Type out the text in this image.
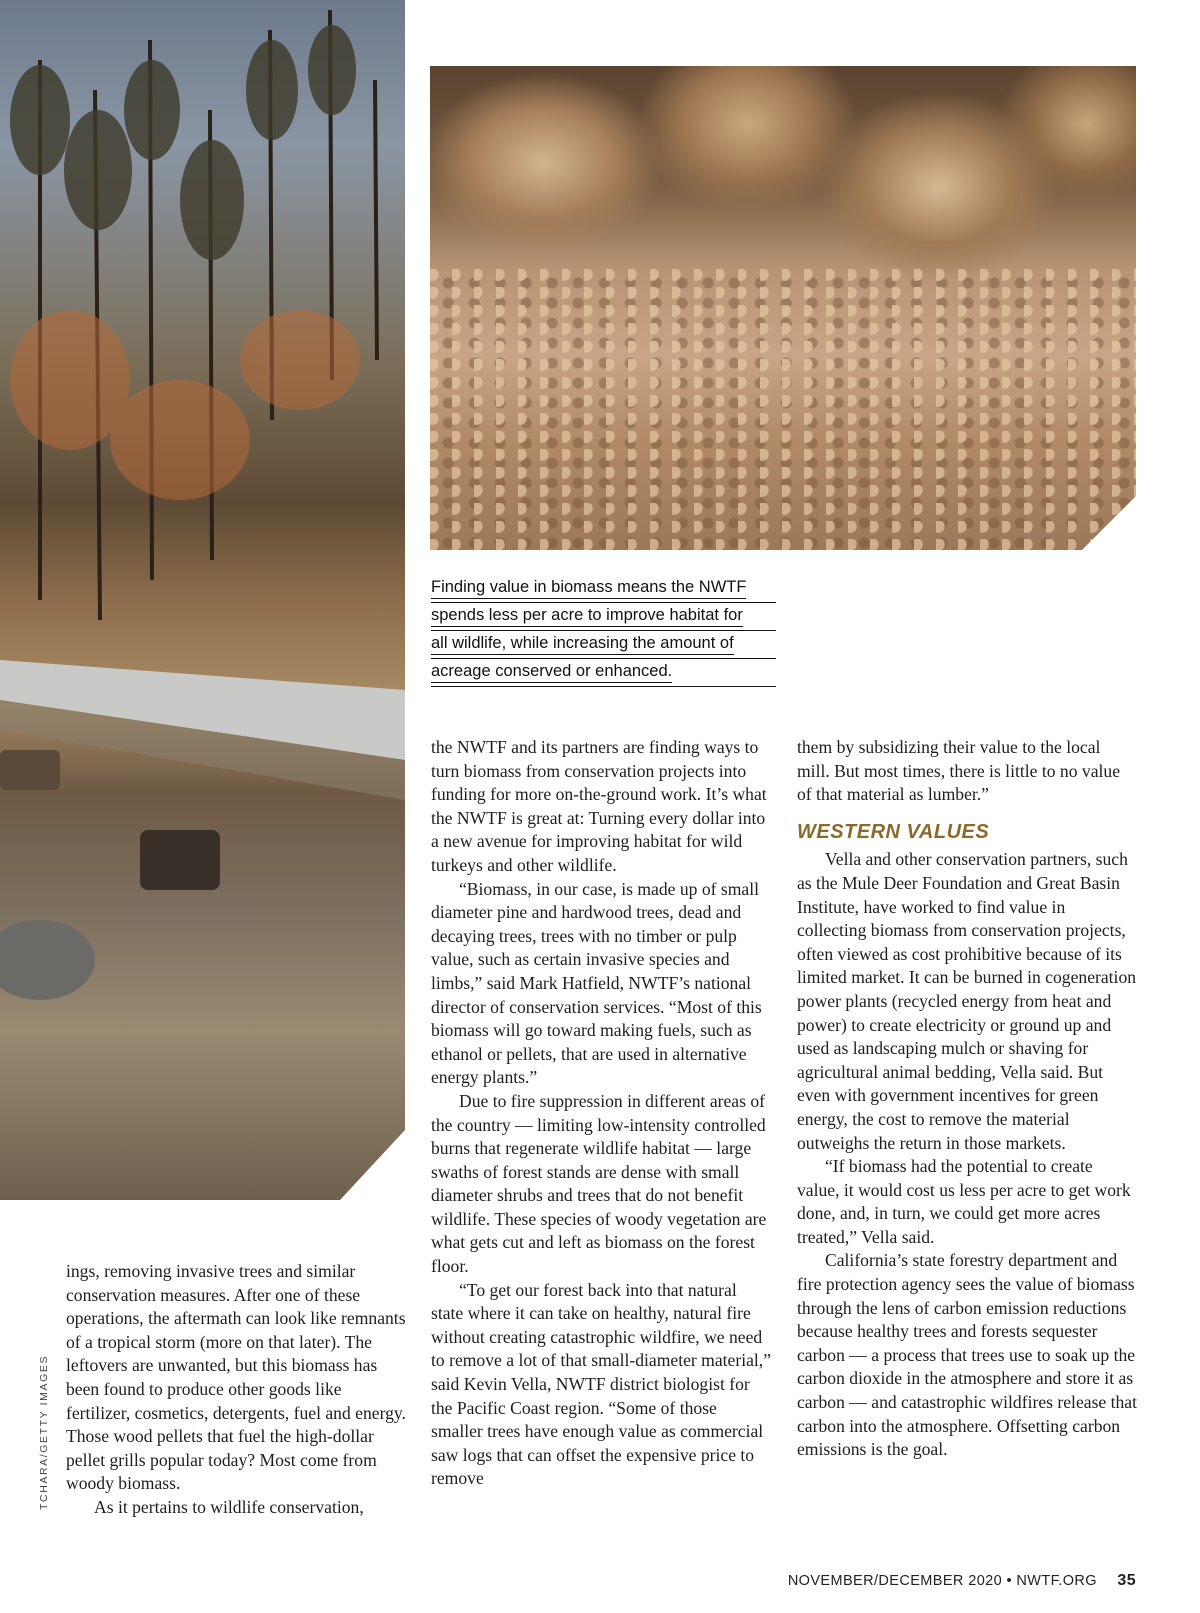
Finding value in biomass means the NWTF
spends less per acre to improve habitat for
all wildlife, while increasing the amount of
acreage conserved or enhanced.

ings, removing invasive trees and similar conservation measures. After one of these operations, the aftermath can look like remnants of a tropical storm (more on that later). The leftovers are unwanted, but this biomass has been found to produce other goods like fertilizer, cosmetics, detergents, fuel and energy. Those wood pellets that fuel the high-dollar pellet grills popular today? Most come from woody biomass.

As it pertains to wildlife conservation,

the NWTF and its partners are finding ways to turn biomass from conservation projects into funding for more on-the-ground work. It’s what the NWTF is great at: Turning every dollar into a new avenue for improving habitat for wild turkeys and other wildlife.

“Biomass, in our case, is made up of small diameter pine and hardwood trees, dead and decaying trees, trees with no timber or pulp value, such as certain invasive species and limbs,” said Mark Hatfield, NWTF’s national director of conservation services. “Most of this biomass will go toward making fuels, such as ethanol or pellets, that are used in alternative energy plants.”

Due to fire suppression in different areas of the country — limiting low-intensity controlled burns that regenerate wildlife habitat — large swaths of forest stands are dense with small diameter shrubs and trees that do not benefit wildlife. These species of woody vegetation are what gets cut and left as biomass on the forest floor.

“To get our forest back into that natural state where it can take on healthy, natural fire without creating catastrophic wildfire, we need to remove a lot of that small-diameter material,” said Kevin Vella, NWTF district biologist for the Pacific Coast region. “Some of those smaller trees have enough value as commercial saw logs that can offset the expensive price to remove

them by subsidizing their value to the local mill. But most times, there is little to no value of that material as lumber.”

WESTERN VALUES

Vella and other conservation partners, such as the Mule Deer Foundation and Great Basin Institute, have worked to find value in collecting biomass from conservation projects, often viewed as cost prohibitive because of its limited market. It can be burned in cogeneration power plants (recycled energy from heat and power) to create electricity or ground up and used as landscaping mulch or shaving for agricultural animal bedding, Vella said. But even with government incentives for green energy, the cost to remove the material outweighs the return in those markets.

“If biomass had the potential to create value, it would cost us less per acre to get work done, and, in turn, we could get more acres treated,” Vella said.

California’s state forestry department and fire protection agency sees the value of biomass through the lens of carbon emission reductions because healthy trees and forests sequester carbon — a process that trees use to soak up the carbon dioxide in the atmosphere and store it as carbon — and catastrophic wildfires release that carbon into the atmosphere. Offsetting carbon emissions is the goal.

TCHARA/GETTY IMAGES
NOVEMBER/DECEMBER 2020 • NWTF.ORG 35
